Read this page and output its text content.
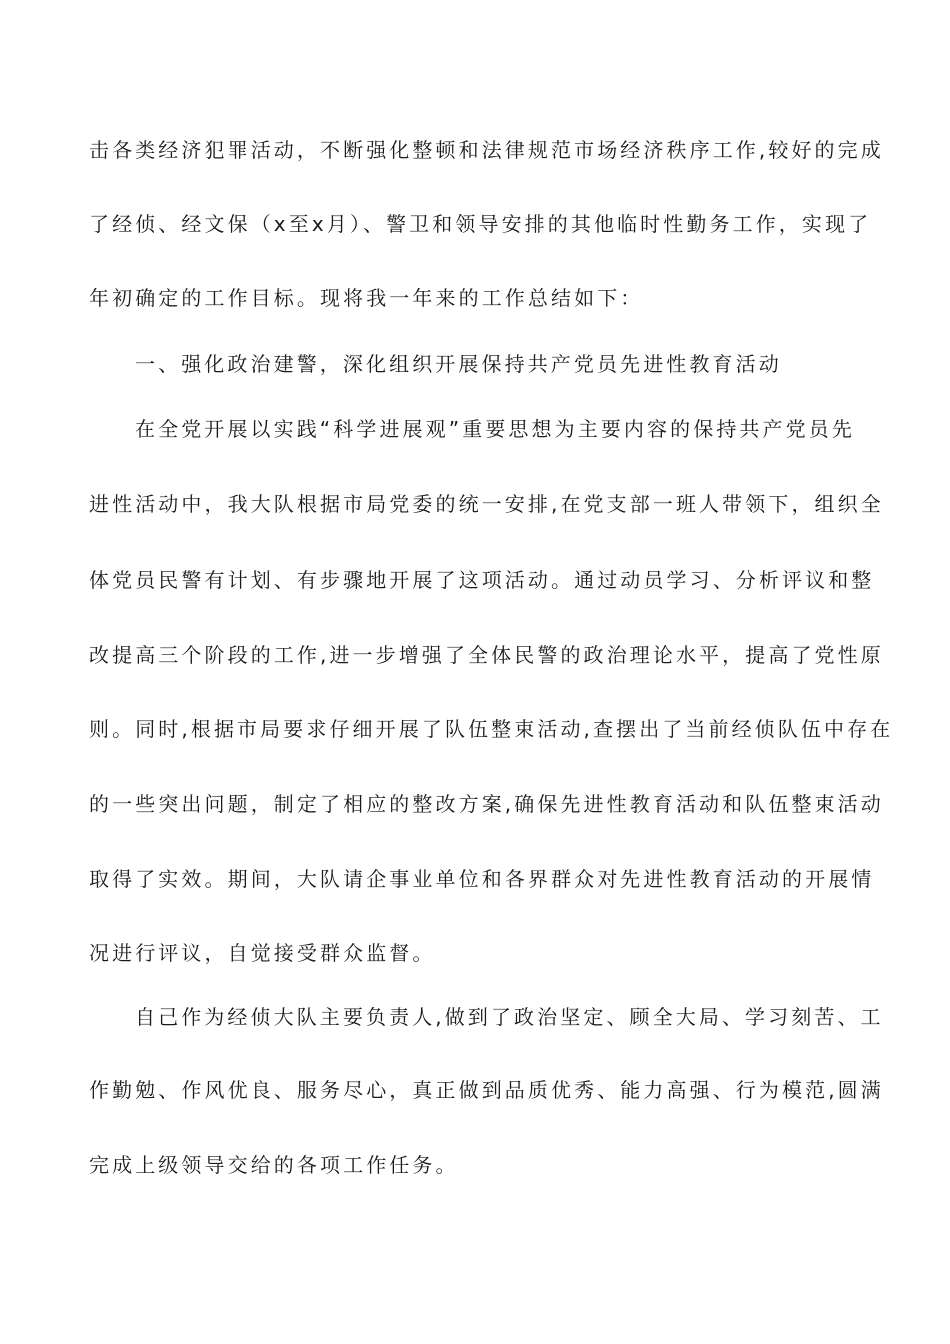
击各类经济犯罪活动，不断强化整顿和法律规范市场经济秩序工作,较好的完成
了经侦、经文保（x至x月）、警卫和领导安排的其他临时性勤务工作，实现了
年初确定的工作目标。现将我一年来的工作总结如下：
一、强化政治建警，深化组织开展保持共产党员先进性教育活动
在全党开展以实践“科学进展观”重要思想为主要内容的保持共产党员先
进性活动中，我大队根据市局党委的统一安排,在党支部一班人带领下，组织全
体党员民警有计划、有步骤地开展了这项活动。通过动员学习、分析评议和整
改提高三个阶段的工作,进一步增强了全体民警的政治理论水平，提高了党性原
则。同时,根据市局要求仔细开展了队伍整束活动,查摆出了当前经侦队伍中存在
的一些突出问题，制定了相应的整改方案,确保先进性教育活动和队伍整束活动
取得了实效。期间，大队请企事业单位和各界群众对先进性教育活动的开展情
况进行评议，自觉接受群众监督。
自己作为经侦大队主要负责人,做到了政治坚定、顾全大局、学习刻苦、工
作勤勉、作风优良、服务尽心，真正做到品质优秀、能力高强、行为模范,圆满
完成上级领导交给的各项工作任务。
